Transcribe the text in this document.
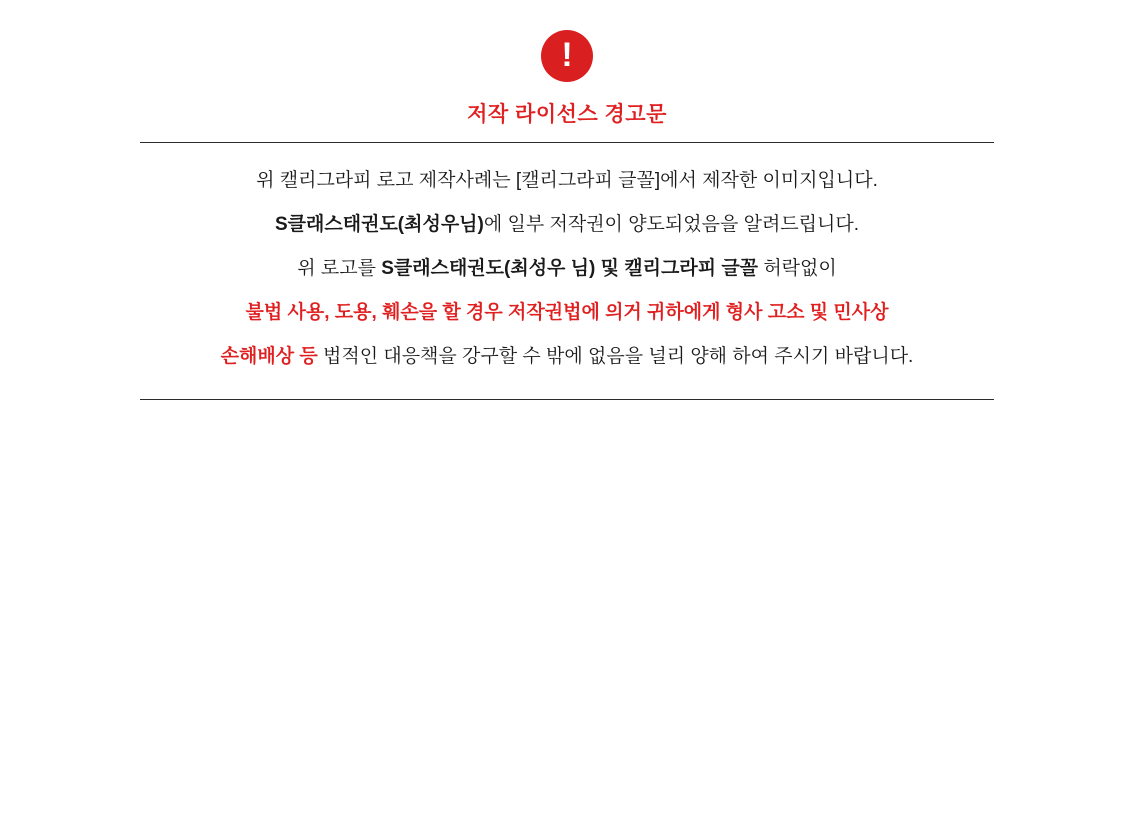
!
저작 라이선스 경고문
위 캘리그라피 로고 제작사례는 [캘리그라피 글꼴]에서 제작한 이미지입니다.
S클래스태권도(최성우님)에 일부 저작권이 양도되었음을 알려드립니다.
위 로고를 S클래스태권도(최성우 님) 및 캘리그라피 글꼴 허락없이
불법 사용, 도용, 훼손을 할 경우 저작권법에 의거 귀하에게 형사 고소 및 민사상
손해배상 등 법적인 대응책을 강구할 수 밖에 없음을 널리 양해 하여 주시기 바랍니다.
